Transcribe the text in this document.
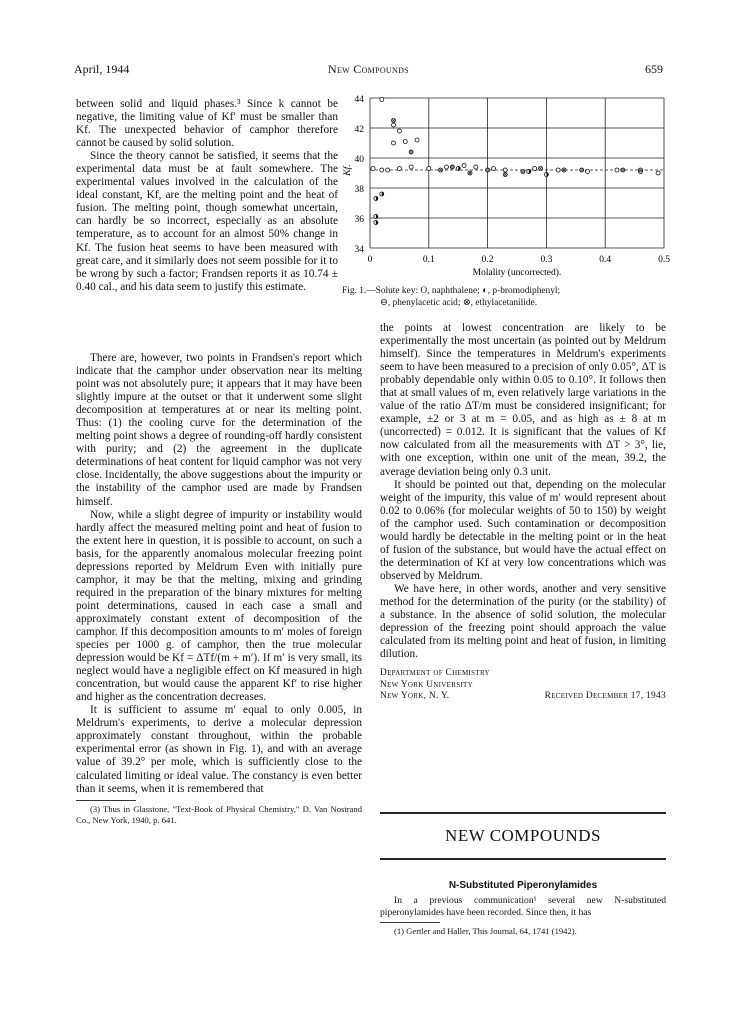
April, 1944	New Compounds	659
0	0.1	0.2	0.3	0.4	0.5
44
42
40
38
36
34
Molality (uncorrected).
Kf.
Fig. 1.—Solute key: O, naphthalene; ◐, p-bromodiphenyl;
⊖, phenylacetic acid; ⊗, ethylacetanilide.

between solid and liquid phases.³ Since k cannot be negative, the limiting value of Kf′ must be smaller than Kf. The unexpected behavior of camphor therefore cannot be caused by solid solution.

Since the theory cannot be satisfied, it seems that the experimental data must be at fault somewhere. The experimental values involved in the calculation of the ideal constant, Kf, are the melting point and the heat of fusion. The melting point, though somewhat uncertain, can hardly be so incorrect, especially as an absolute temperature, as to account for an almost 50% change in Kf. The fusion heat seems to have been measured with great care, and it similarly does not seem possible for it to be wrong by such a factor; Frandsen reports it as 10.74 ± 0.40 cal., and his data seem to justify this estimate.

There are, however, two points in Frandsen's report which indicate that the camphor under observation near its melting point was not absolutely pure; it appears that it may have been slightly impure at the outset or that it underwent some slight decomposition at temperatures at or near its melting point. Thus: (1) the cooling curve for the determination of the melting point shows a degree of rounding-off hardly consistent with purity; and (2) the agreement in the duplicate determinations of heat content for liquid camphor was not very close. Incidentally, the above suggestions about the impurity or the instability of the camphor used are made by Frandsen himself.

Now, while a slight degree of impurity or instability would hardly affect the measured melting point and heat of fusion to the extent here in question, it is possible to account, on such a basis, for the apparently anomalous molecular freezing point depressions reported by Meldrum Even with initially pure camphor, it may be that the melting, mixing and grinding required in the preparation of the binary mixtures for melting point determinations, caused in each case a small and approximately constant extent of decomposition of the camphor. If this decomposition amounts to m′ moles of foreign species per 1000 g. of camphor, then the true molecular depression would be Kf = ΔTf/(m + m′). If m′ is very small, its neglect would have a negligible effect on Kf measured in high concentration, but would cause the apparent Kf′ to rise higher and higher as the concentration decreases.

It is sufficient to assume m′ equal to only 0.005, in Meldrum's experiments, to derive a molecular depression approximately constant throughout, within the probable experimental error (as shown in Fig. 1), and with an average value of 39.2° per mole, which is sufficiently close to the calculated limiting or ideal value. The constancy is even better than it seems, when it is remembered that

(3) Thus in Glasstone, "Text-Book of Physical Chemistry," D. Van Nostrand Co., New York, 1940, p. 641.

the points at lowest concentration are likely to be experimentally the most uncertain (as pointed out by Meldrum himself). Since the temperatures in Meldrum's experiments seem to have been measured to a precision of only 0.05°, ΔT is probably dependable only within 0.05 to 0.10°. It follows then that at small values of m, even relatively large variations in the value of the ratio ΔT/m must be considered insignificant; for example, ±2 or 3 at m = 0.05, and as high as ± 8 at m (uncorrected) = 0.012. It is significant that the values of Kf now calculated from all the measurements with ΔT > 3°, lie, with one exception, within one unit of the mean, 39.2, the average deviation being only 0.3 unit.

It should be pointed out that, depending on the molecular weight of the impurity, this value of m′ would represent about 0.02 to 0.06% (for molecular weights of 50 to 150) by weight of the camphor used. Such contamination or decomposition would hardly be detectable in the melting point or in the heat of fusion of the substance, but would have the actual effect on the determination of Kf at very low concentrations which was observed by Meldrum.

We have here, in other words, another and very sensitive method for the determination of the purity (or the stability) of a substance. In the absence of solid solution, the molecular depression of the freezing point should approach the value calculated from its melting point and heat of fusion, in limiting dilution.

Department of Chemistry
New York University
New York, N. Y.	Received December 17, 1943
NEW COMPOUNDS
N-Substituted Piperonylamides

In a previous communication¹ several new N-substituted piperonylamides have been recorded. Since then, it has

(1) Gertler and Haller, This Journal, 64, 1741 (1942).
